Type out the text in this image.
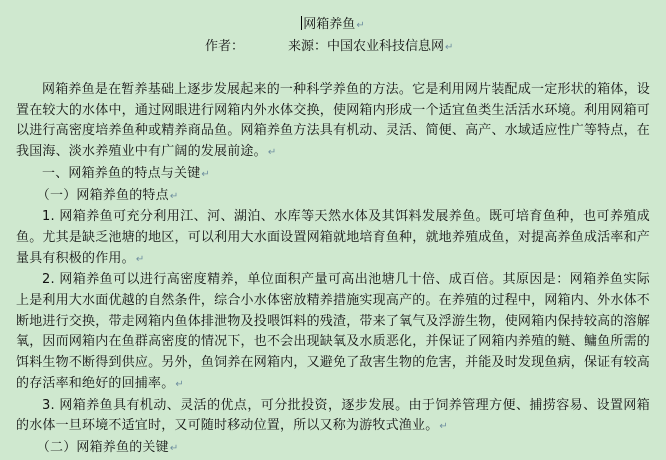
网箱养鱼↵
作者：	来源：中国农业科技信息网↵

网箱养鱼是在暂养基础上逐步发展起来的一种科学养鱼的方法。它是利用网片装配成一定形状的箱体，设置在较大的水体中，通过网眼进行网箱内外水体交换，使网箱内形成一个适宜鱼类生活活水环境。利用网箱可以进行高密度培养鱼种或精养商品鱼。网箱养鱼方法具有机动、灵活、简便、高产、水域适应性广等特点，在我国海、淡水养殖业中有广阔的发展前途。↵

一、网箱养鱼的特点与关键↵

（一）网箱养鱼的特点↵

1. 网箱养鱼可充分利用江、河、湖泊、水库等天然水体及其饵料发展养鱼。既可培育鱼种，也可养殖成鱼。尤其是缺乏池塘的地区，可以利用大水面设置网箱就地培育鱼种，就地养殖成鱼，对提高养鱼成活率和产量具有积极的作用。↵

2. 网箱养鱼可以进行高密度精养，单位面积产量可高出池塘几十倍、成百倍。其原因是：网箱养鱼实际上是利用大水面优越的自然条件，综合小水体密放精养措施实现高产的。在养殖的过程中，网箱内、外水体不断地进行交换，带走网箱内鱼体排泄物及投喂饵料的残渣，带来了氧气及浮游生物，使网箱内保持较高的溶解氧，因而网箱内在鱼群高密度的情况下，也不会出现缺氧及水质恶化，并保证了网箱内养殖的鲢、鳙鱼所需的饵料生物不断得到供应。另外，鱼饲养在网箱内，又避免了敌害生物的危害，并能及时发现鱼病，保证有较高的存活率和绝好的回捕率。↵

3. 网箱养鱼具有机动、灵活的优点，可分批投资，逐步发展。由于饲养管理方便、捕捞容易、设置网箱的水体一旦环境不适宜时，又可随时移动位置，所以又称为游牧式渔业。↵

（二）网箱养鱼的关键↵
